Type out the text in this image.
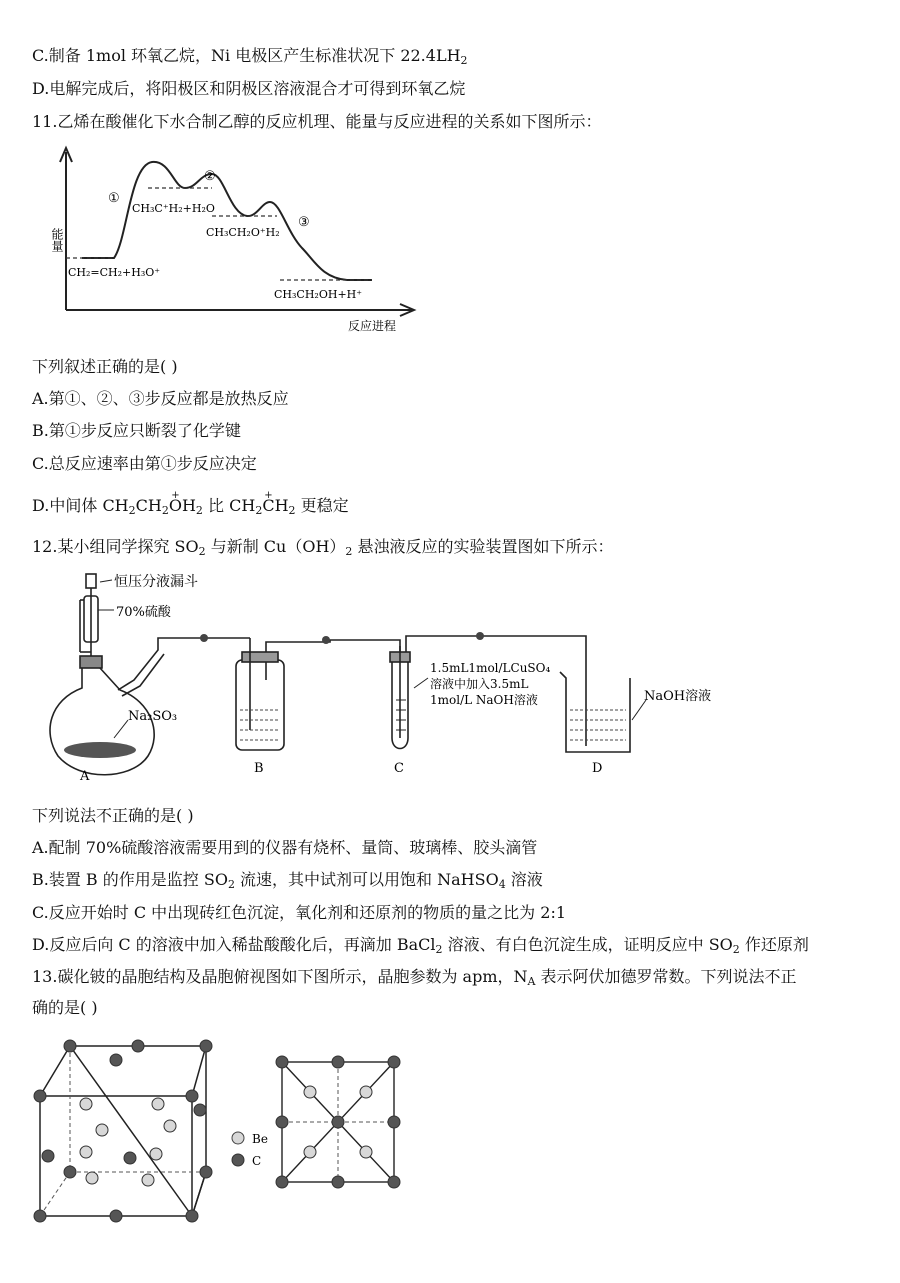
C.制备 1mol 环氧乙烷，Ni 电极区产生标准状况下 $22.4LH_2$
D.电解完成后，将阳极区和阴极区溶液混合才可得到环氧乙烷
11.乙烯在酸催化下水合制乙醇的反应机理、能量与反应进程的关系如下图所示：
能量
①
②
③
CH₃C⁺H₂+H₂O
CH₃CH₂O⁺H₂
CH₂=CH₂+H₃O⁺
CH₃CH₂OH+H⁺
反应进程
下列叙述正确的是( )
A.第①、②、③步反应都是放热反应
B.第①步反应只断裂了化学键
C.总反应速率由第①步反应决定
D.中间体 $CH_2CH_2+ OH_2$ 比 $CH_2+ CH_2$ 更稳定
12.某小组同学探究 $SO_2$ 与新制 $Cu(OH)_2$ 悬浊液反应的实验装置图如下所示：
恒压分液漏斗
70%硫酸
Na₂SO₃
1.5mL1mol/LCuSO₄
溶液中加入3.5mL
1mol/L NaOH溶液	NaOH溶液
A
B	C	D
下列说法不正确的是( )
A.配制 70%硫酸溶液需要用到的仪器有烧杯、量筒、玻璃棒、胶头滴管
B.装置 B 的作用是监控 $SO_2$ 流速，其中试剂可以用饱和 NaHSO$_4$ 溶液
C.反应开始时 C 中出现砖红色沉淀，氧化剂和还原剂的物质的量之比为 2:1
D.反应后向 C 的溶液中加入稀盐酸酸化后，再滴加 BaCl$_2$ 溶液、有白色沉淀生成，证明反应中 $SO_2$ 作还原剂
13.碳化铍的晶胞结构及晶胞俯视图如下图所示，晶胞参数为 apm，$N_A$ 表示阿伏加德罗常数。下列说法不正
确的是( )
Be
C
